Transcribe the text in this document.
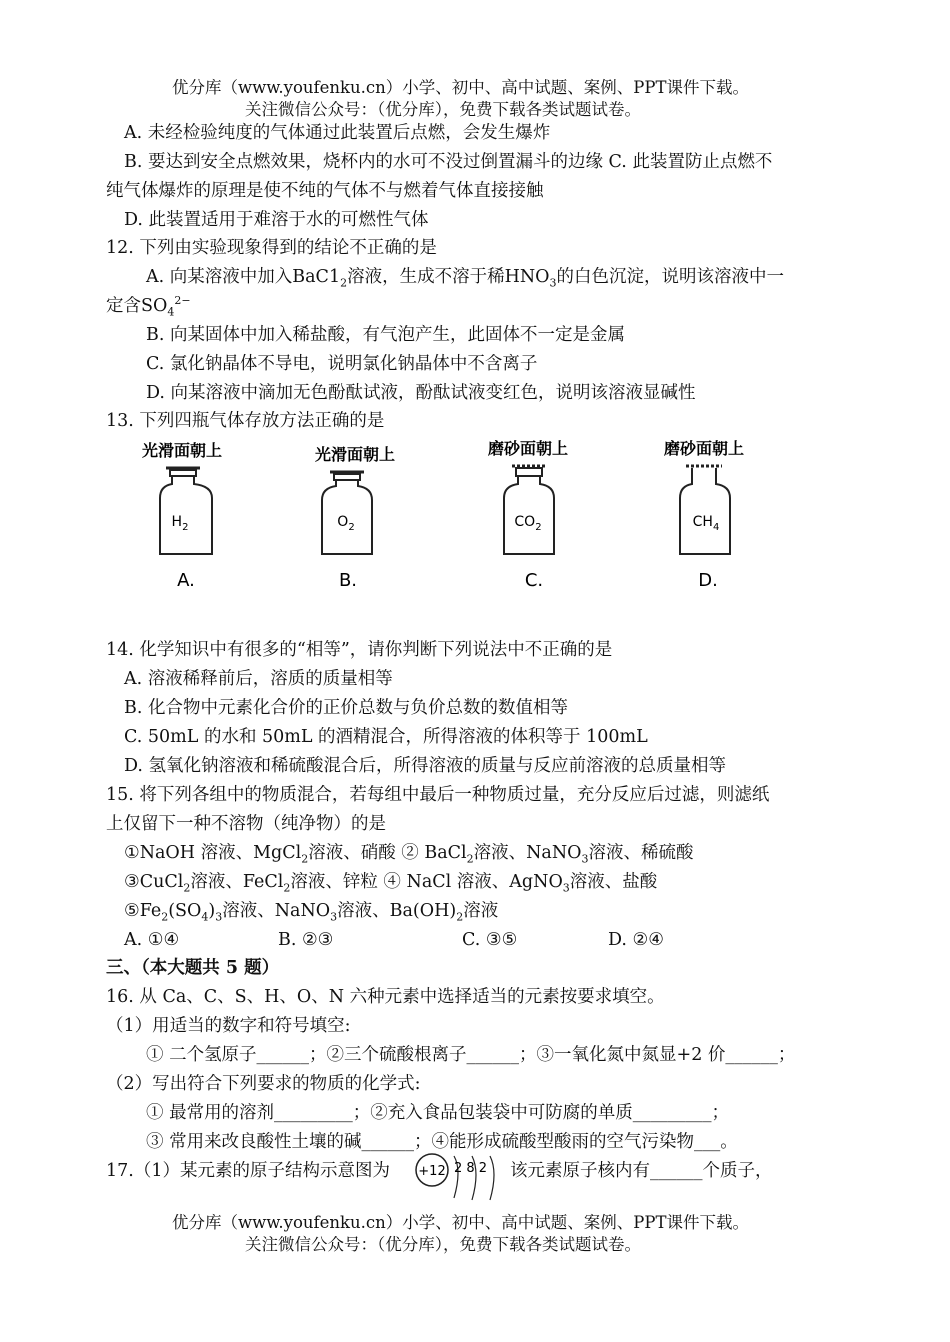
优分库（www.youfenku.cn）小学、初中、高中试题、案例、PPT课件下载。
关注微信公众号：（优分库），免费下载各类试题试卷。
A. 未经检验纯度的气体通过此装置后点燃，会发生爆炸
B. 要达到安全点燃效果，烧杯内的水可不没过倒置漏斗的边缘 C. 此装置防止点燃不
纯气体爆炸的原理是使不纯的气体不与燃着气体直接接触
D. 此装置适用于难溶于水的可燃性气体
12. 下列由实验现象得到的结论不正确的是
A. 向某溶液中加入$BaC1_2$溶液，生成不溶于稀$HNO_3$的白色沉淀，说明该溶液中一
定含$SO_4^{2-}$
B. 向某固体中加入稀盐酸，有气泡产生，此固体不一定是金属
C. 氯化钠晶体不导电，说明氯化钠晶体中不含离子
D. 向某溶液中滴加无色酚酞试液，酚酞试液变红色，说明该溶液显碱性
13. 下列四瓶气体存放方法正确的是
光滑面朝上
$H_2$
A.
光滑面朝上
$O_2$
B.
磨砂面朝上
$CO_2$
C.
磨砂面朝上
$CH_4$
D.
14. 化学知识中有很多的“相等”，请你判断下列说法中不正确的是
A. 溶液稀释前后，溶质的质量相等
B. 化合物中元素化合价的正价总数与负价总数的数值相等
C. 50mL 的水和 50mL 的酒精混合，所得溶液的体积等于 100mL
D. 氢氧化钠溶液和稀硫酸混合后，所得溶液的质量与反应前溶液的总质量相等
15. 将下列各组中的物质混合，若每组中最后一种物质过量，充分反应后过滤，则滤纸
上仅留下一种不溶物（纯净物）的是
①NaOH 溶液、MgCl$_2$溶液、硝酸 ② BaCl$_2$溶液、NaNO$_3$溶液、稀硫酸
③CuCl$_2$溶液、FeCl$_2$溶液、锌粒 ④ NaCl 溶液、AgNO$_3$溶液、盐酸
$⑤Fe_2(SO_4)_3$溶液、NaNO$_3$溶液、$Ba(OH)_2$溶液
A. ①④	B. ②③	C. ③⑤	D. ②④
三、（本大题共 5 题）
16. 从 Ca、C、S、H、O、N 六种元素中选择适当的元素按要求填空。
（1）用适当的数字和符号填空:
① 二个氢原子______；②三个硫酸根离子______；③一氧化氮中氮显+2 价______；
（2）写出符合下列要求的物质的化学式:
① 最常用的溶剂_________；②充入食品包装袋中可防腐的单质_________；
③ 常用来改良酸性土壤的碱______；④能形成硫酸型酸雨的空气污染物___。
17.（1）某元素的原子结构示意图为 +12 2 8 2 该元素原子核内有______个质子，
优分库（www.youfenku.cn）小学、初中、高中试题、案例、PPT课件下载。
关注微信公众号：（优分库），免费下载各类试题试卷。
